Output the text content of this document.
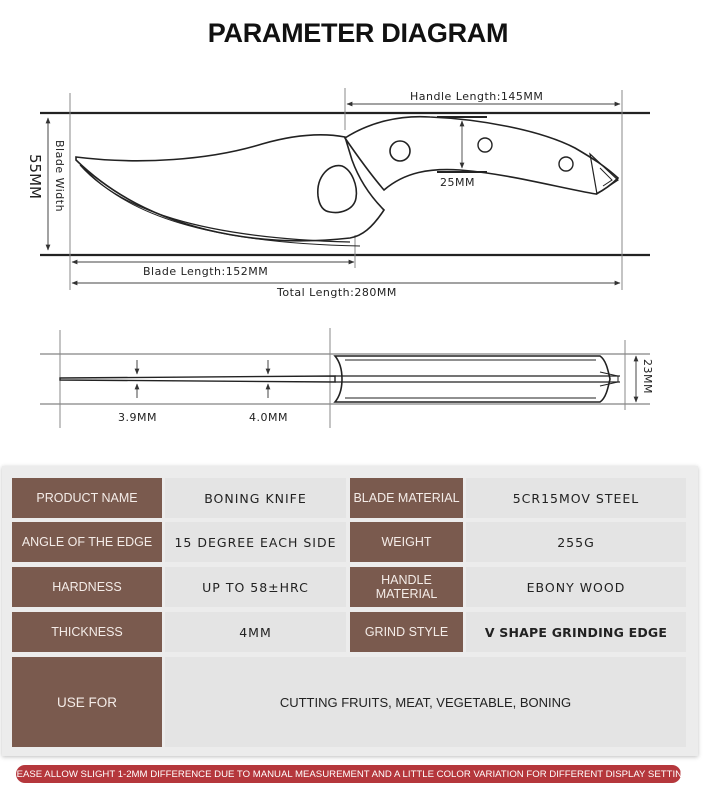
PARAMETER DIAGRAM
Handle Length:145MM
25MM
Blade Length:152MM
Total Length:280MM
Blade Width
55MM
3.9MM	4.0MM
23MM
PRODUCT NAME	BONING KNIFE	BLADE MATERIAL	5CR15MOV STEEL
ANGLE OF THE EDGE	15 DEGREE EACH SIDE	WEIGHT	255G
HARDNESS	UP TO 58±HRC	HANDLE MATERIAL	EBONY WOOD
THICKNESS	4MM	GRIND STYLE	V SHAPE GRINDING EDGE
USE FOR	CUTTING FRUITS, MEAT, VEGETABLE, BONING
PLEASE ALLOW SLIGHT 1-2MM DIFFERENCE DUE TO MANUAL MEASUREMENT AND A LITTLE COLOR VARIATION FOR DIFFERENT DISPLAY SETTING.
